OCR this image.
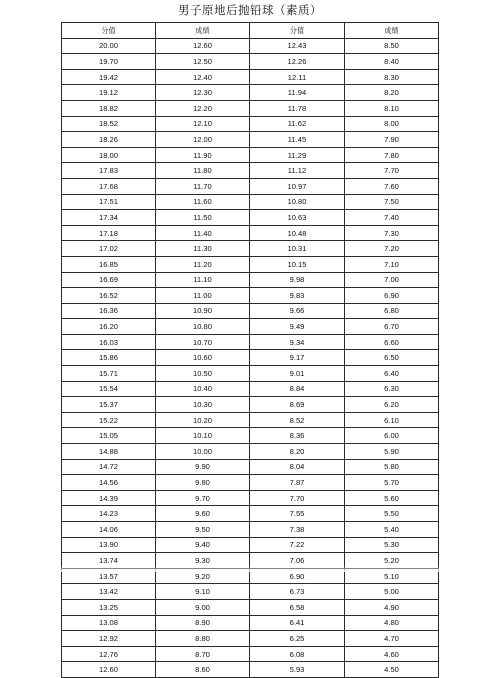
男子原地后抛铅球（素质）
分值	成绩	分值	成绩
20.00	12.60	12.43	8.50
19.70	12.50	12.26	8.40
19.42	12.40	12.11	8.30
19.12	12.30	11.94	8.20
18.82	12.20	11.78	8.10
18.52	12.10	11.62	8.00
18.26	12.00	11.45	7.90
18.00	11.90	11.29	7.80
17.83	11.80	11.12	7.70
17.68	11.70	10.97	7.60
17.51	11.60	10.80	7.50
17.34	11.50	10.63	7.40
17.18	11.40	10.48	7.30
17.02	11.30	10.31	7.20
16.85	11.20	10.15	7.10
16.69	11.10	9.98	7.00
16.52	11.00	9.83	6.90
16.36	10.90	9.66	6.80
16.20	10.80	9.49	6.70
16.03	10.70	9.34	6.60
15.86	10.60	9.17	6.50
15.71	10.50	9.01	6.40
15.54	10.40	8.84	6.30
15.37	10.30	8.69	6.20
15.22	10.20	8.52	6.10
15.05	10.10	8.36	6.00
14.88	10.00	8.20	5.90
14.72	9.90	8.04	5.80
14.56	9.80	7.87	5.70
14.39	9.70	7.70	5.60
14.23	9.60	7.55	5.50
14.06	9.50	7.38	5.40
13.90	9.40	7.22	5.30
13.74	9.30	7.06	5.20
13.57	9.20	6.90	5.10
13.42	9.10	6.73	5.00
13.25	9.00	6.58	4.90
13.08	8.90	6.41	4.80
12.92	8.80	6.25	4.70
12.76	8.70	6.08	4.60
12.60	8.60	5.93	4.50
